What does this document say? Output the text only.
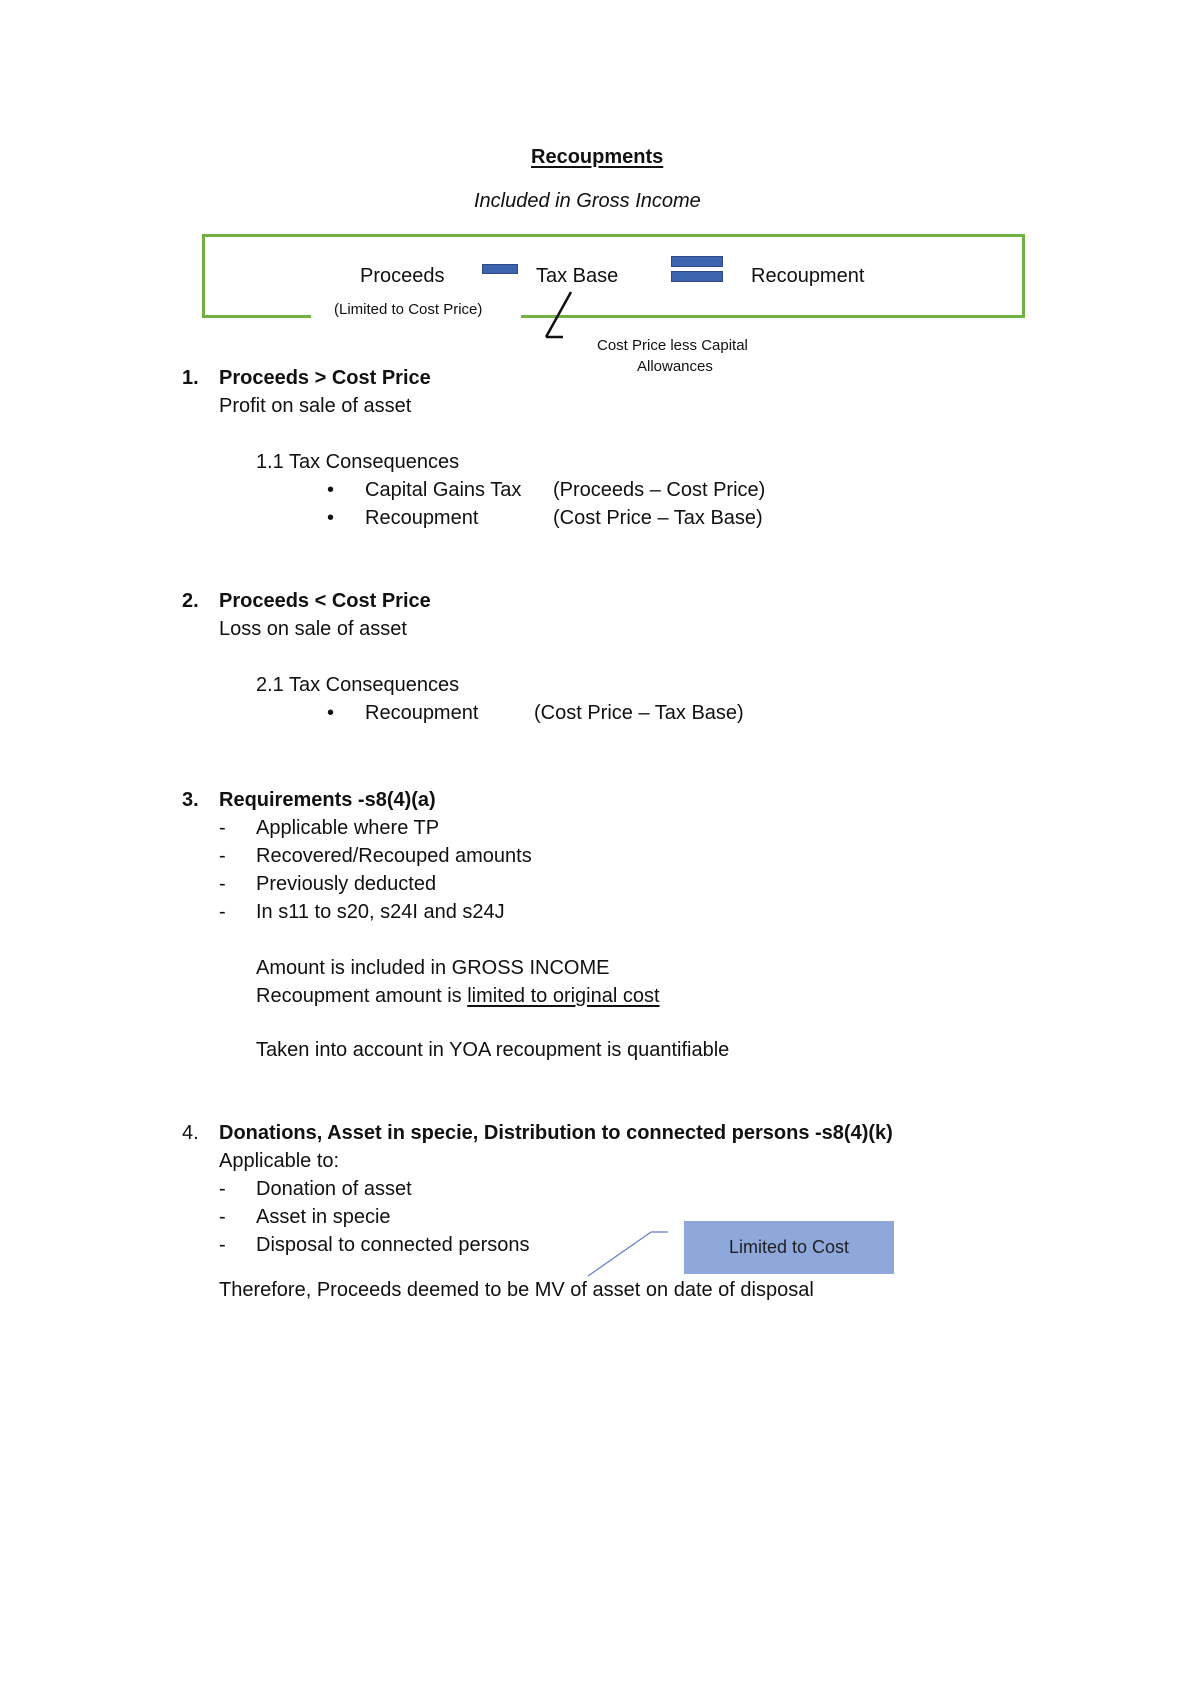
Recoupments
Included in Gross Income
Proceeds	Tax Base	Recoupment
(Limited to Cost Price)
Cost Price less Capital
Allowances
1. Proceeds > Cost Price
Profit on sale of asset
1.1 Tax Consequences
• Capital Gains Tax (Proceeds – Cost Price)
• Recoupment	(Cost Price – Tax Base)
2. Proceeds < Cost Price
Loss on sale of asset
2.1 Tax Consequences
• Recoupment	(Cost Price – Tax Base)
3. Requirements -s8(4)(a)
- Applicable where TP
- Recovered/Recouped amounts
- Previously deducted
- In s11 to s20, s24I and s24J
Amount is included in GROSS INCOME
Recoupment amount is limited to original cost
Taken into account in YOA recoupment is quantifiable
4. Donations, Asset in specie, Distribution to connected persons -s8(4)(k)
Applicable to:
- Donation of asset
- Asset in specie
- Disposal to connected persons
Therefore, Proceeds deemed to be MV of asset on date of disposal
Limited to Cost
